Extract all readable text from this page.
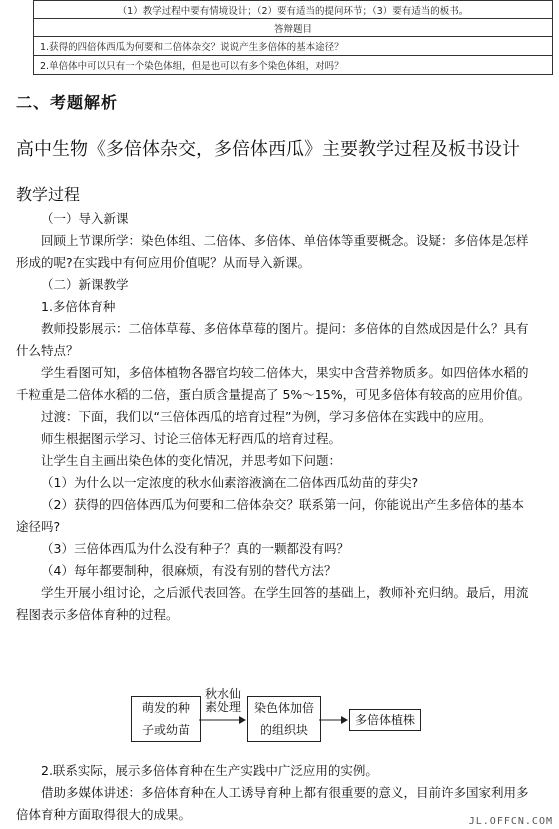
（1）教学过程中要有情境设计；（2）要有适当的提问环节；（3）要有适当的板书。
答辩题目
1.获得的四倍体西瓜为何要和二倍体杂交？说说产生多倍体的基本途径？
2.单倍体中可以只有一个染色体组，但是也可以有多个染色体组，对吗？
二、考题解析
高中生物《多倍体杂交，多倍体西瓜》主要教学过程及板书设计
教学过程

（一）导入新课

回顾上节课所学：染色体组、二倍体、多倍体、单倍体等重要概念。设疑：多倍体是怎样形成的呢?在实践中有何应用价值呢？从而导入新课。

（二）新课教学

1.多倍体育种

教师投影展示：二倍体草莓、多倍体草莓的图片。提问：多倍体的自然成因是什么？具有什么特点？

学生看图可知，多倍体植物各器官均较二倍体大，果实中含营养物质多。如四倍体水稻的千粒重是二倍体水稻的二倍，蛋白质含量提高了 5%～15%，可见多倍体有较高的应用价值。

过渡：下面，我们以“三倍体西瓜的培育过程”为例，学习多倍体在实践中的应用。

师生根据图示学习、讨论三倍体无籽西瓜的培育过程。

让学生自主画出染色体的变化情况，并思考如下问题：

（1）为什么以一定浓度的秋水仙素溶液滴在二倍体西瓜幼苗的芽尖?

（2）获得的四倍体西瓜为何要和二倍体杂交？联系第一问，你能说出产生多倍体的基本途径吗?

（3）三倍体西瓜为什么没有种子？真的一颗都没有吗？

（4）每年都要制种，很麻烦，有没有别的替代方法？

学生开展小组讨论，之后派代表回答。在学生回答的基础上，教师补充归纳。最后，用流程图表示多倍体育种的过程。

萌发的种
子或幼苗
秋水仙
素处理	染色体加倍
的组织块
多倍体植株

2.联系实际，展示多倍体育种在生产实践中广泛应用的实例。

借助多媒体讲述：多倍体育种在人工诱导育种上都有很重要的意义，目前许多国家利用多倍体育种方面取得很大的成果。	JL.OFFCN.COM
